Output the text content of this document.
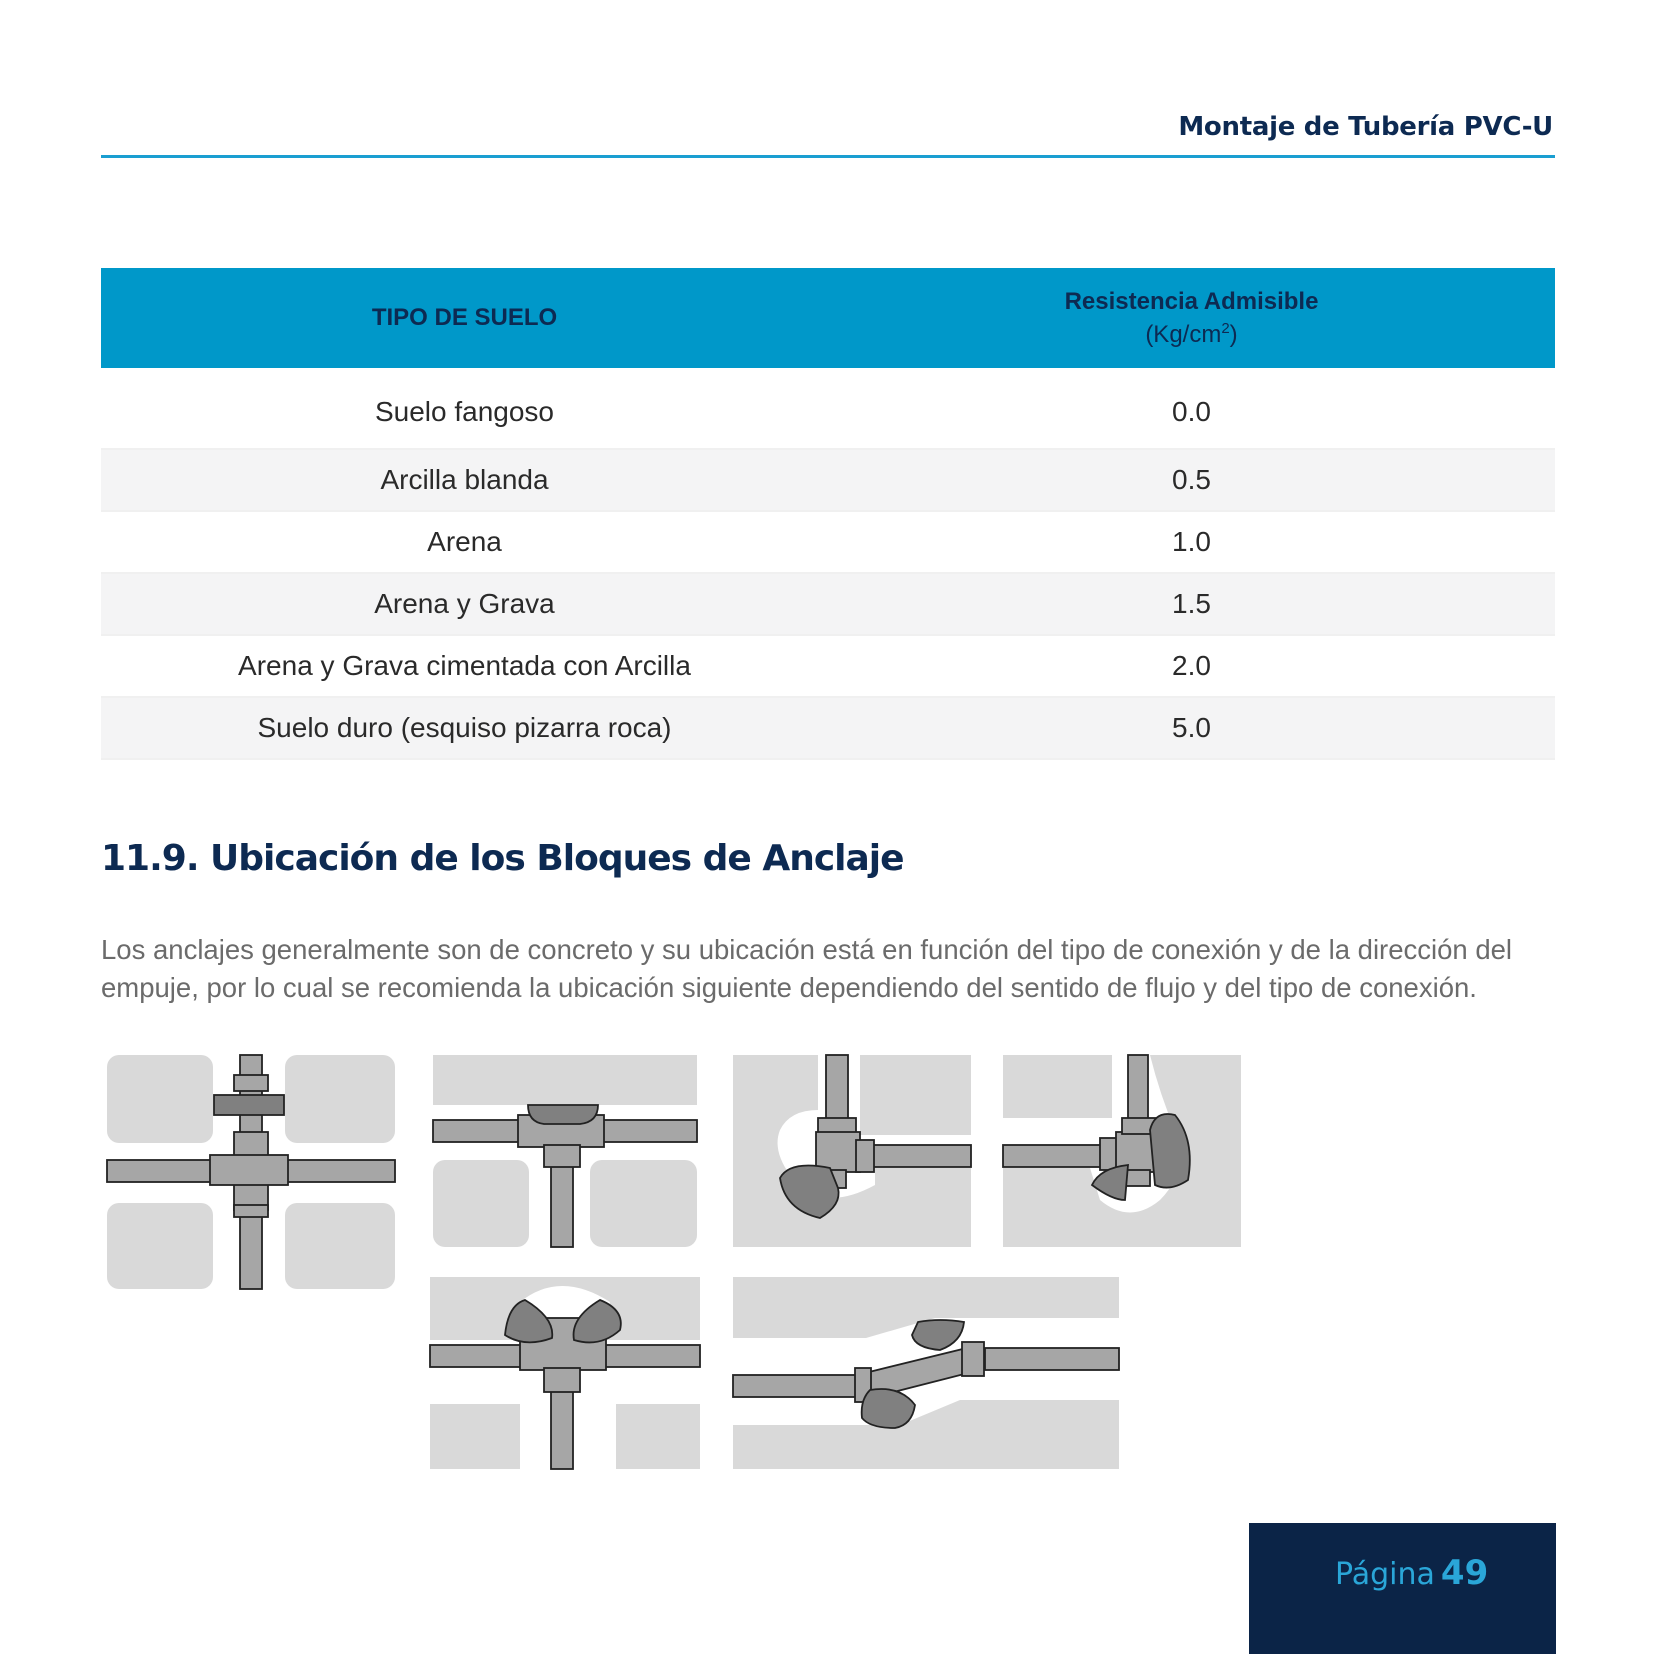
Montaje de Tubería PVC-U
TIPO DE SUELO	Resistencia Admisible
$(Kg/cm^2)$

Suelo fangoso	0.0
Arcilla blanda	0.5
Arena	1.0
Arena y Grava	1.5
Arena y Grava cimentada con Arcilla	2.0
Suelo duro (esquiso pizarra roca)	5.0
11.9. Ubicación de los Bloques de Anclaje
Los anclajes generalmente son de concreto y su ubicación está en función del tipo de conexión y de la dirección del empuje, por lo cual se recomienda la ubicación siguiente dependiendo del sentido de flujo y del tipo de conexión.
Página 49
